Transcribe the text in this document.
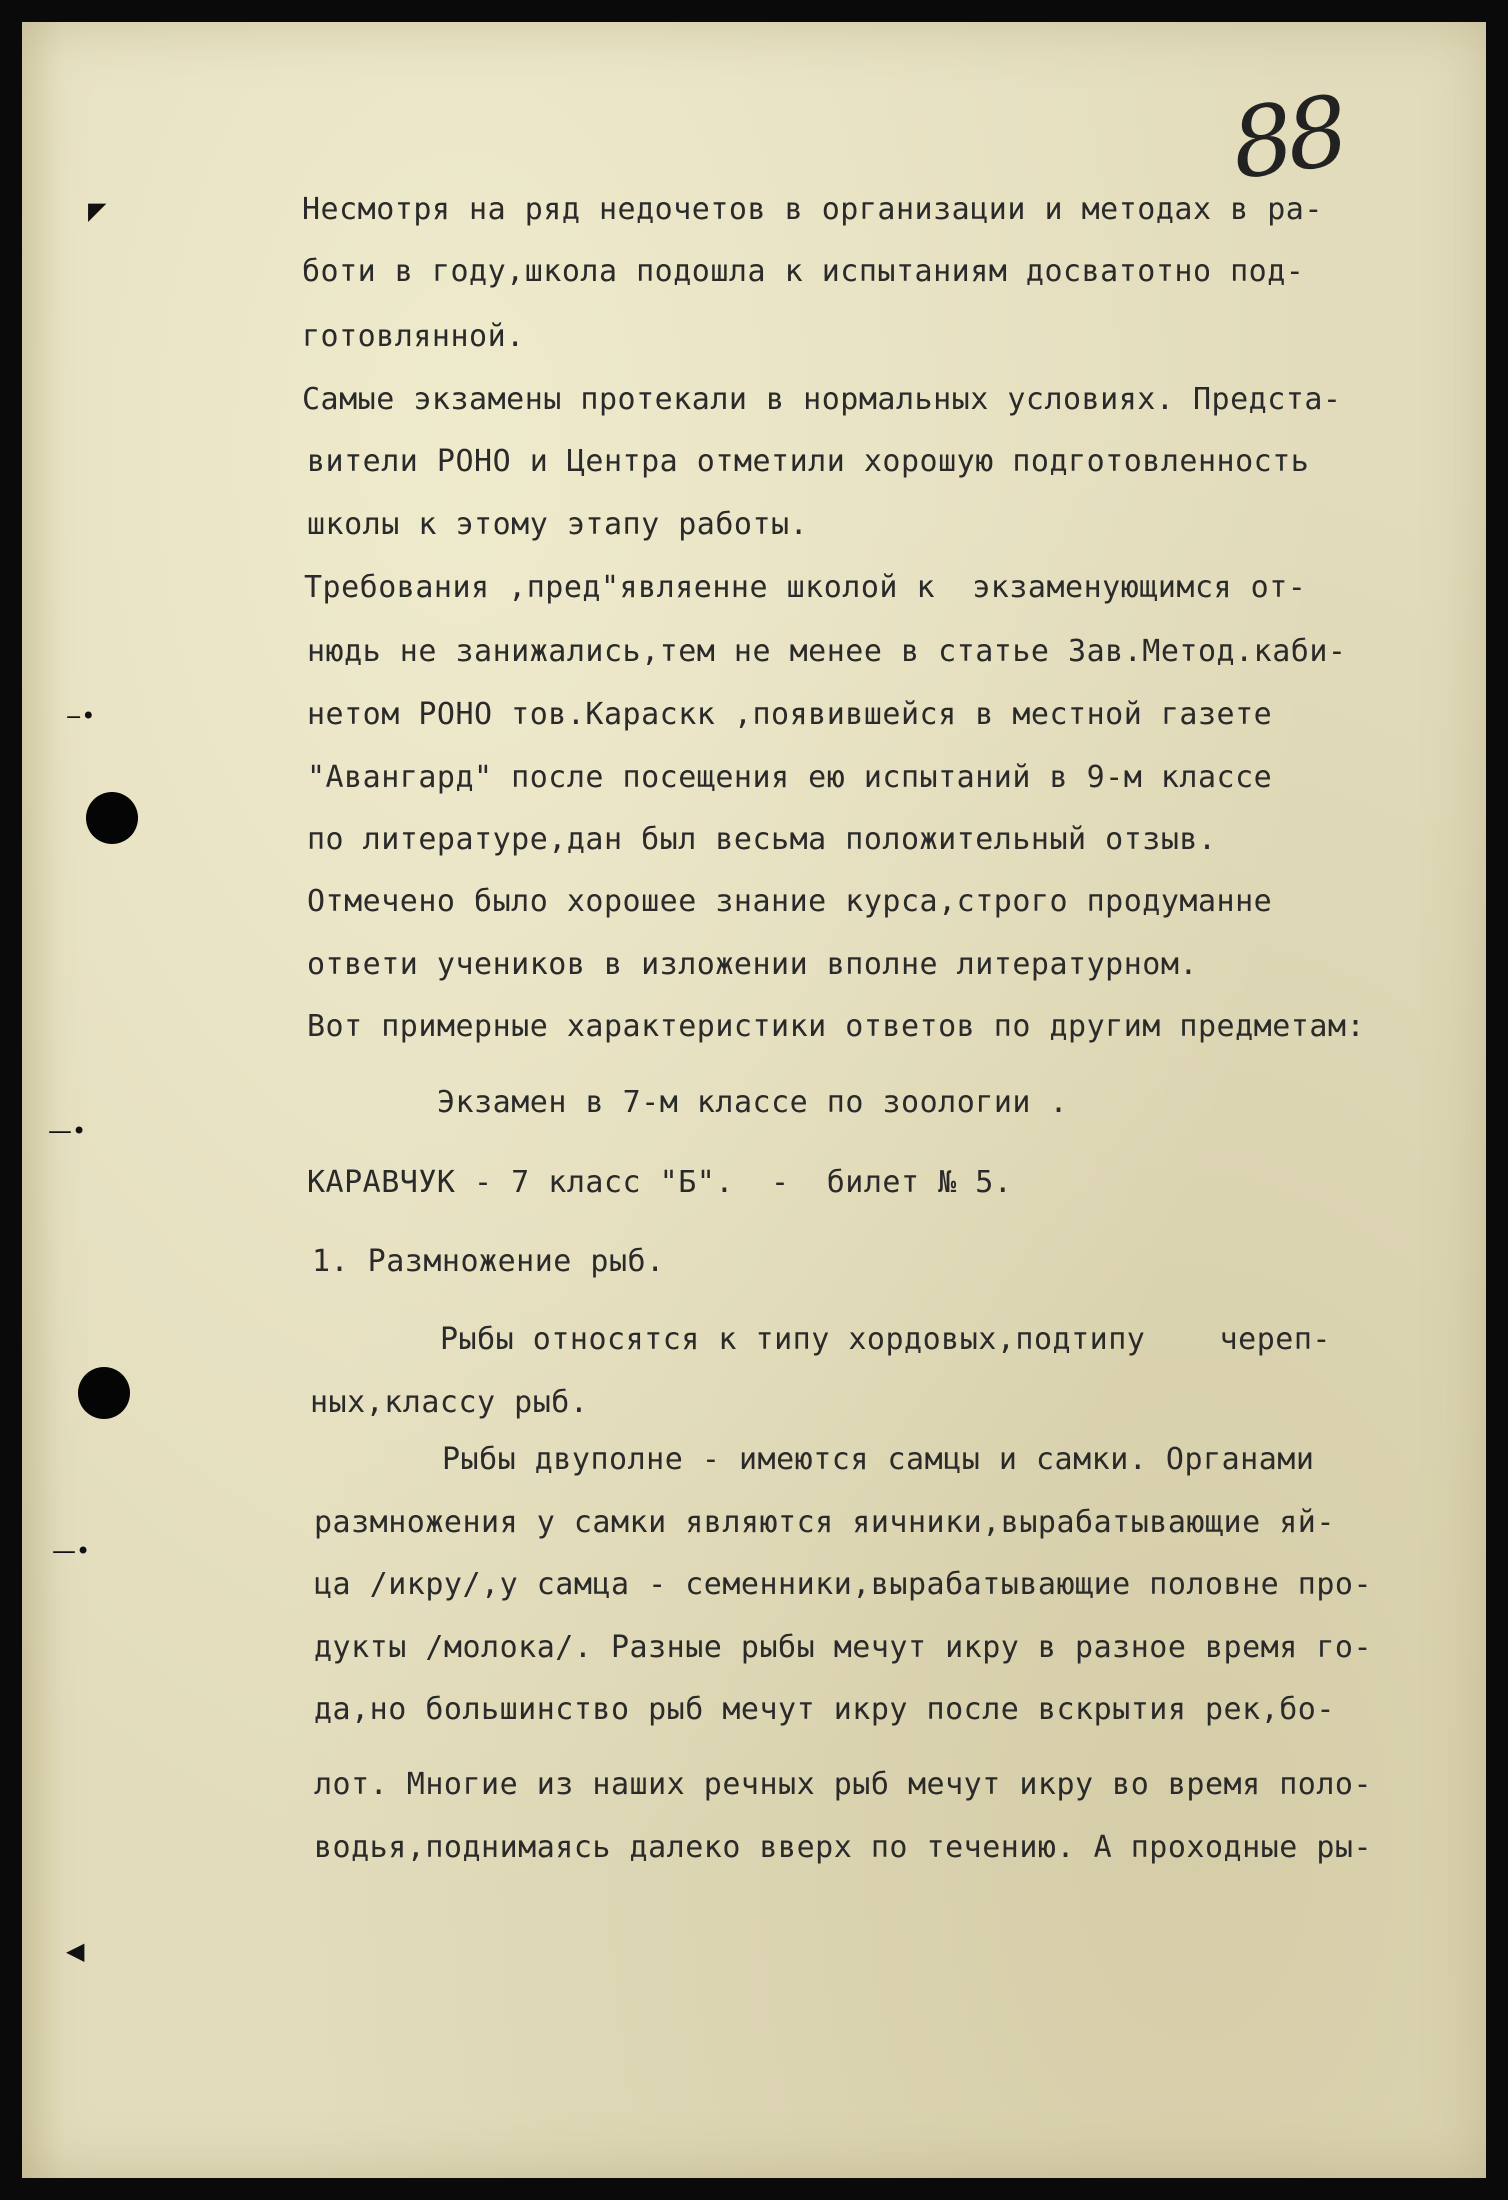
88
◤
‒•
—•
—•
◀
Несмотря на ряд недочетов в организации и методах в ра-
боти в году,школа подошла к испытаниям досватотно под-
готовлянной.
Самые экзамены протекали в нормальных условиях. Предста-
вители РОНО и Центра отметили хорошую подготовленность
школы к этому этапу работы.
Требования ,пред"являенне школой к  экзаменующимся от-
нюдь не занижались,тем не менее в статье Зав.Метод.каби-
нетом РОНО тов.Караскк ,появившейся в местной газете
"Авангард" после посещения ею испытаний в 9-м классе
по литературе,дан был весьма положительный отзыв.
Отмечено было хорошее знание курса,строго продуманне
ответи учеников в изложении вполне литературном.
Вот примерные характеристики ответов по другим предметам:
Экзамен в 7-м классе по зоологии .
КАРАВЧУК - 7 класс "Б".  -  билет № 5.
1. Размножение рыб.
Рыбы относятся к типу хордовых,подтипу    череп-
ных,классу рыб.
Рыбы двуполне - имеются самцы и самки. Органами
размножения у самки являются яичники,вырабатывающие яй-
ца /икру/,у самца - семенники,вырабатывающие половне про-
дукты /молока/. Разные рыбы мечут икру в разное время го-
да,но большинство рыб мечут икру после вскрытия рек,бо-
лот. Многие из наших речных рыб мечут икру во время поло-
водья,поднимаясь далеко вверх по течению. А проходные ры-
